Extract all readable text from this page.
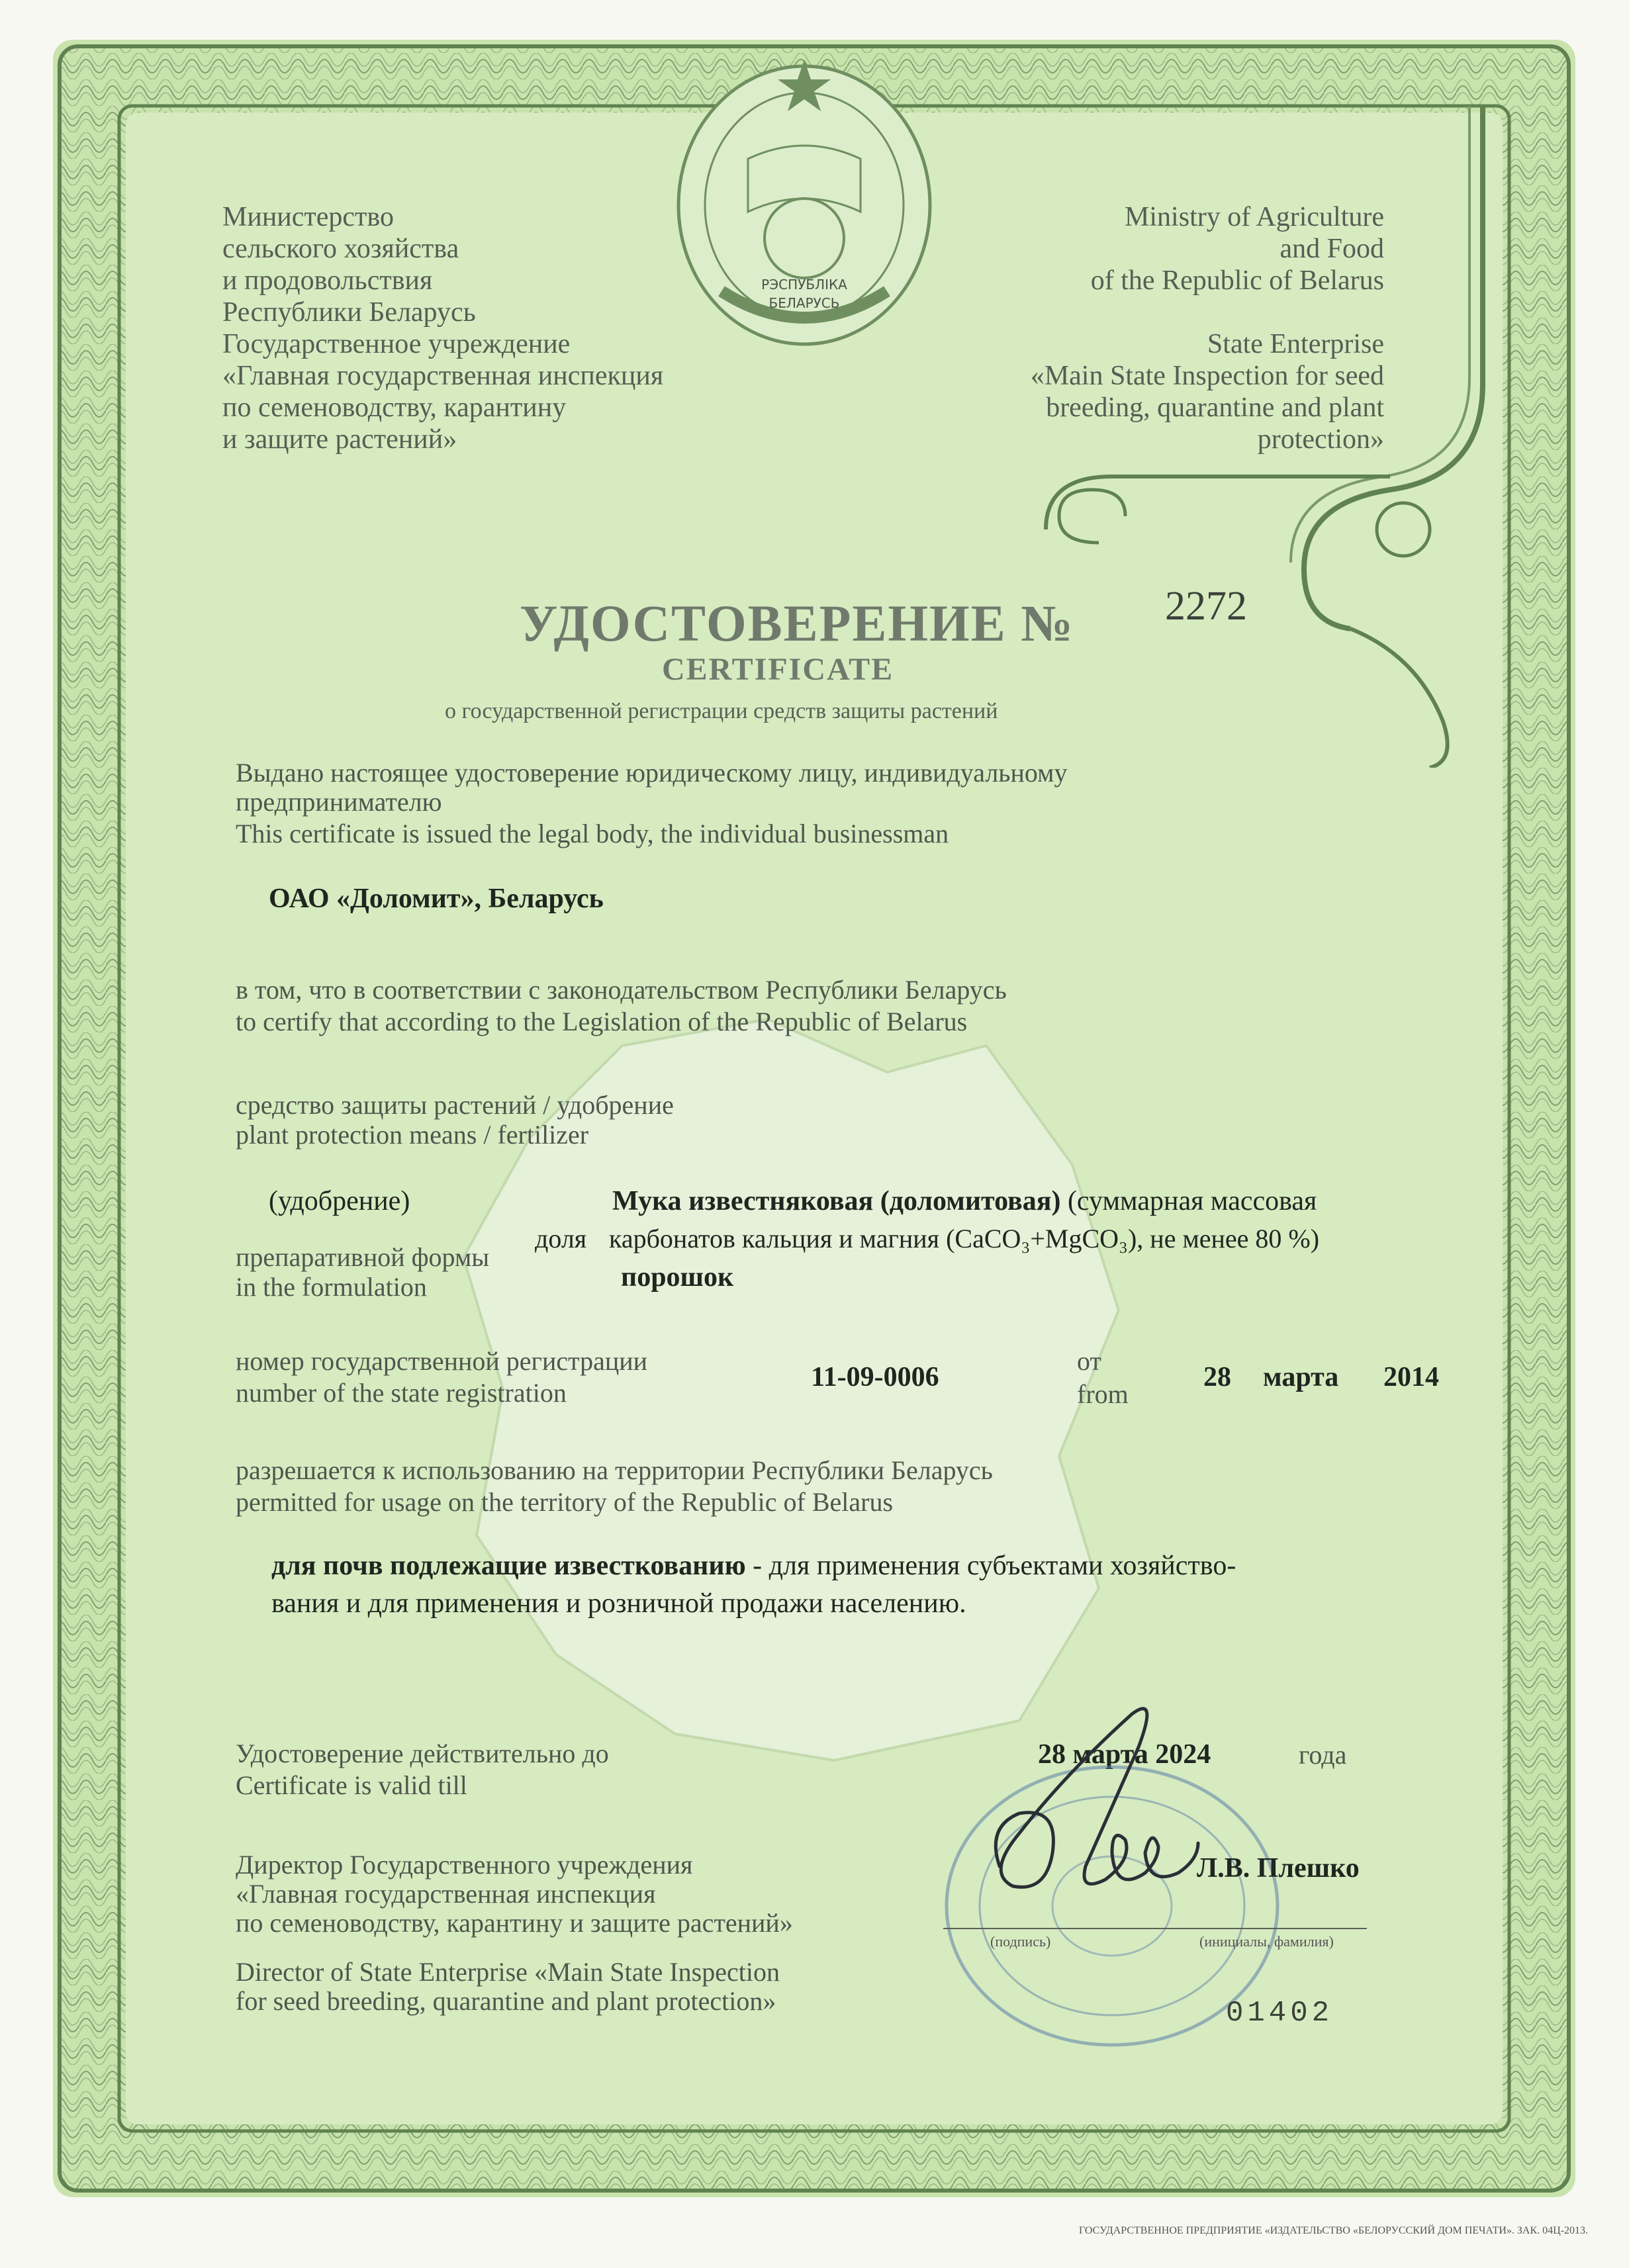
РЭСПУБЛІКА
БЕЛАРУСЬ
Министерство
сельского хозяйства
и продовольствия
Республики Беларусь
Государственное учреждение
«Главная государственная инспекция
по семеноводству, карантину
и защите растений»
Ministry of Agriculture
and Food
of the Republic of Belarus
State Enterprise
«Main State Inspection for seed
breeding, quarantine and plant
protection»
УДОСТОВЕРЕНИЕ № 2272
CERTIFICATE
о государственной регистрации средств защиты растений
Выдано настоящее удостоверение юридическому лицу, индивидуальному
предпринимателю
This certificate is issued the legal body, the individual businessman
ОАО «Доломит», Беларусь
в том, что в соответствии с законодательством Республики Беларусь
to certify that according to the Legislation of the Republic of Belarus
средство защиты растений / удобрение
plant protection means / fertilizer
(удобрение)	Мука известняковая (доломитовая) (суммарная массовая
доля карбонатов кальция и магния (CaCO₃+MgCO₃), не менее 80 %)
препаративной формы
in the formulation	порошок
номер государственной регистрации
number of the state registration
11-09-0006
от
from
28 марта 2014
разрешается к использованию на территории Республики Беларусь
permitted for usage on the territory of the Republic of Belarus
для почв подлежащие известкованию - для применения субъектами хозяйство-
вания и для применения и розничной продажи населению.
Удостоверение действительно до
Certificate is valid till
28 марта 2024	года
Директор Государственного учреждения
«Главная государственная инспекция
по семеноводству, карантину и защите растений»
Director of State Enterprise «Main State Inspection
for seed breeding, quarantine and plant protection»
(подпись)	(инициалы, фамилия)
Л.В. Плешко
01402
ГОСУДАРСТВЕННОЕ ПРЕДПРИЯТИЕ «ИЗДАТЕЛЬСТВО «БЕЛОРУССКИЙ ДОМ ПЕЧАТИ». ЗАК. 04Ц-2013.
